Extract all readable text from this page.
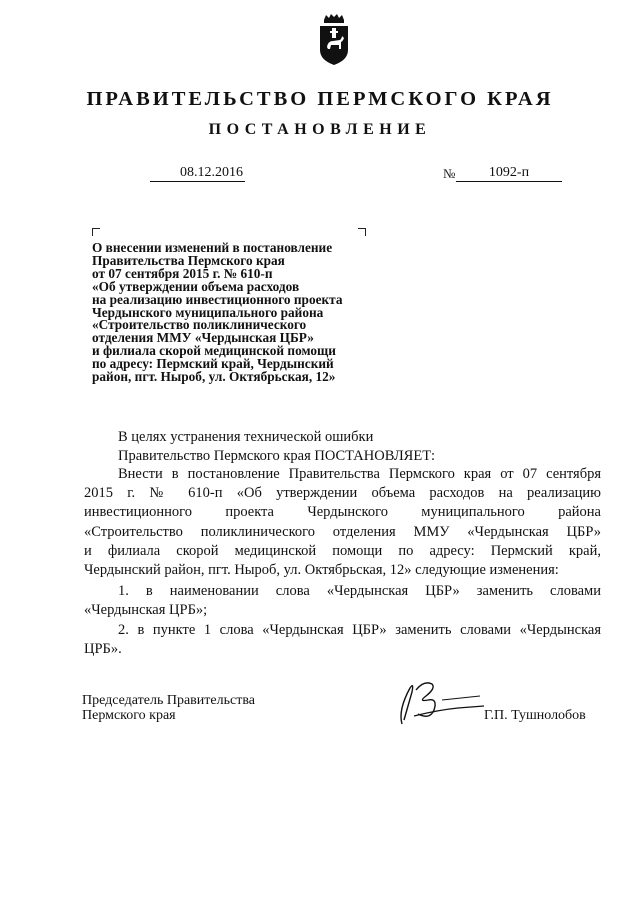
ПРАВИТЕЛЬСТВО ПЕРМСКОГО КРАЯ
ПОСТАНОВЛЕНИЕ
08.12.2016	№	1092-п
О внесении изменений в постановление
Правительства Пермского края
от 07 сентября 2015 г. № 610-п
«Об утверждении объема расходов
на реализацию инвестиционного проекта
Чердынского муниципального района
«Строительство поликлинического
отделения ММУ «Чердынская ЦБР»
и филиала скорой медицинской помощи
по адресу: Пермский край, Чердынский
район, пгт. Ныроб, ул. Октябрьская, 12»
В целях устранения технической ошибки
Правительство Пермского края ПОСТАНОВЛЯЕТ:
Внести в постановление Правительства Пермского края от 07 сентября
2015 г. № 610-п «Об утверждении объема расходов на реализацию
инвестиционного проекта Чердынского муниципального района
«Строительство поликлинического отделения ММУ «Чердынская ЦБР»
и филиала скорой медицинской помощи по адресу: Пермский край,
Чердынский район, пгт. Ныроб, ул. Октябрьская, 12» следующие изменения:
1. в наименовании слова «Чердынская ЦБР» заменить словами
«Чердынская ЦРБ»;
2. в пункте 1 слова «Чердынская ЦБР» заменить словами «Чердынская
ЦРБ».
Председатель Правительства
Пермского края	Г.П. Тушнолобов
